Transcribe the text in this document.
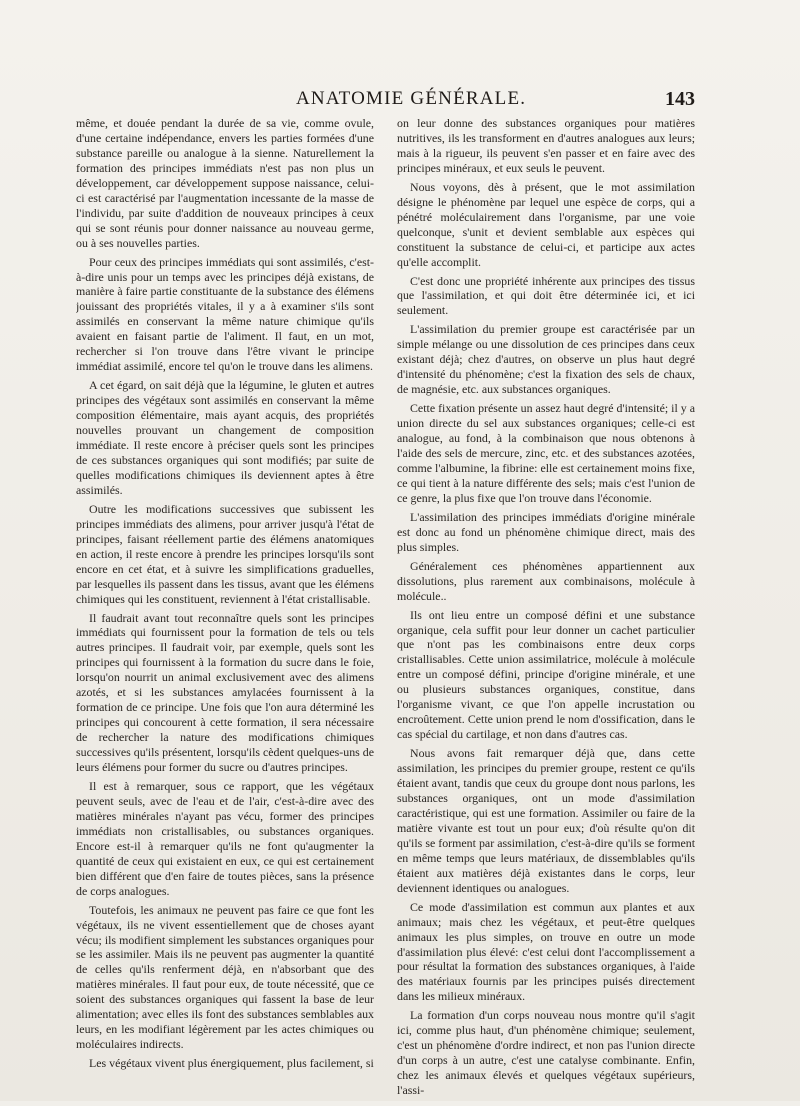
ANATOMIE GÉNÉRALE.	143

même, et douée pendant la durée de sa vie, comme ovule, d'une certaine indépendance, envers les parties formées d'une substance pareille ou analogue à la sienne. Naturellement la formation des principes immédiats n'est pas non plus un développement, car développement suppose naissance, celui-ci est caractérisé par l'augmentation incessante de la masse de l'individu, par suite d'addition de nouveaux principes à ceux qui se sont réunis pour donner naissance au nouveau germe, ou à ses nouvelles parties.

Pour ceux des principes immédiats qui sont assimilés, c'est-à-dire unis pour un temps avec les principes déjà existans, de manière à faire partie constituante de la substance des élémens jouissant des propriétés vitales, il y a à examiner s'ils sont assimilés en conservant la même nature chimique qu'ils avaient en faisant partie de l'aliment. Il faut, en un mot, rechercher si l'on trouve dans l'être vivant le principe immédiat assimilé, encore tel qu'on le trouve dans les alimens.

A cet égard, on sait déjà que la légumine, le gluten et autres principes des végétaux sont assimilés en conservant la même composition élémentaire, mais ayant acquis, des propriétés nouvelles prouvant un changement de composition immédiate. Il reste encore à préciser quels sont les principes de ces substances organiques qui sont modifiés; par suite de quelles modifications chimiques ils deviennent aptes à être assimilés.

Outre les modifications successives que subissent les principes immédiats des alimens, pour arriver jusqu'à l'état de principes, faisant réellement partie des élémens anatomiques en action, il reste encore à prendre les principes lorsqu'ils sont encore en cet état, et à suivre les simplifications graduelles, par lesquelles ils passent dans les tissus, avant que les élémens chimiques qui les constituent, reviennent à l'état cristallisable.

Il faudrait avant tout reconnaître quels sont les principes immédiats qui fournissent pour la formation de tels ou tels autres principes. Il faudrait voir, par exemple, quels sont les principes qui fournissent à la formation du sucre dans le foie, lorsqu'on nourrit un animal exclusivement avec des alimens azotés, et si les substances amylacées fournissent à la formation de ce principe. Une fois que l'on aura déterminé les principes qui concourent à cette formation, il sera nécessaire de rechercher la nature des modifications chimiques successives qu'ils présentent, lorsqu'ils cèdent quelques-uns de leurs élémens pour former du sucre ou d'autres principes.

Il est à remarquer, sous ce rapport, que les végétaux peuvent seuls, avec de l'eau et de l'air, c'est-à-dire avec des matières minérales n'ayant pas vécu, former des principes immédiats non cristallisables, ou substances organiques. Encore est-il à remarquer qu'ils ne font qu'augmenter la quantité de ceux qui existaient en eux, ce qui est certainement bien différent que d'en faire de toutes pièces, sans la présence de corps analogues.

Toutefois, les animaux ne peuvent pas faire ce que font les végétaux, ils ne vivent essentiellement que de choses ayant vécu; ils modifient simplement les substances organiques pour se les assimiler. Mais ils ne peuvent pas augmenter la quantité de celles qu'ils renferment déjà, en n'absorbant que des matières minérales. Il faut pour eux, de toute nécessité, que ce soient des substances organiques qui fassent la base de leur alimentation; avec elles ils font des substances semblables aux leurs, en les modifiant légèrement par les actes chimiques ou moléculaires indirects.

Les végétaux vivent plus énergiquement, plus facilement, si

on leur donne des substances organiques pour matières nutritives, ils les transforment en d'autres analogues aux leurs; mais à la rigueur, ils peuvent s'en passer et en faire avec des principes minéraux, et eux seuls le peuvent.

Nous voyons, dès à présent, que le mot assimilation désigne le phénomène par lequel une espèce de corps, qui a pénétré moléculairement dans l'organisme, par une voie quelconque, s'unit et devient semblable aux espèces qui constituent la substance de celui-ci, et participe aux actes qu'elle accomplit.

C'est donc une propriété inhérente aux principes des tissus que l'assimilation, et qui doit être déterminée ici, et ici seulement.

L'assimilation du premier groupe est caractérisée par un simple mélange ou une dissolution de ces principes dans ceux existant déjà; chez d'autres, on observe un plus haut degré d'intensité du phénomène; c'est la fixation des sels de chaux, de magnésie, etc. aux substances organiques.

Cette fixation présente un assez haut degré d'intensité; il y a union directe du sel aux substances organiques; celle-ci est analogue, au fond, à la combinaison que nous obtenons à l'aide des sels de mercure, zinc, etc. et des substances azotées, comme l'albumine, la fibrine: elle est certainement moins fixe, ce qui tient à la nature différente des sels; mais c'est l'union de ce genre, la plus fixe que l'on trouve dans l'économie.

L'assimilation des principes immédiats d'origine minérale est donc au fond un phénomène chimique direct, mais des plus simples.

Généralement ces phénomènes appartiennent aux dissolutions, plus rarement aux combinaisons, molécule à molécule..

Ils ont lieu entre un composé défini et une substance organique, cela suffit pour leur donner un cachet particulier que n'ont pas les combinaisons entre deux corps cristallisables. Cette union assimilatrice, molécule à molécule entre un composé défini, principe d'origine minérale, et une ou plusieurs substances organiques, constitue, dans l'organisme vivant, ce que l'on appelle incrustation ou encroûtement. Cette union prend le nom d'ossification, dans le cas spécial du cartilage, et non dans d'autres cas.

Nous avons fait remarquer déjà que, dans cette assimilation, les principes du premier groupe, restent ce qu'ils étaient avant, tandis que ceux du groupe dont nous parlons, les substances organiques, ont un mode d'assimilation caractéristique, qui est une formation. Assimiler ou faire de la matière vivante est tout un pour eux; d'où résulte qu'on dit qu'ils se forment par assimilation, c'est-à-dire qu'ils se forment en même temps que leurs matériaux, de dissemblables qu'ils étaient aux matières déjà existantes dans le corps, leur deviennent identiques ou analogues.

Ce mode d'assimilation est commun aux plantes et aux animaux; mais chez les végétaux, et peut-être quelques animaux les plus simples, on trouve en outre un mode d'assimilation plus élevé: c'est celui dont l'accomplissement a pour résultat la formation des substances organiques, à l'aide des matériaux fournis par les principes puisés directement dans les milieux minéraux.

La formation d'un corps nouveau nous montre qu'il s'agit ici, comme plus haut, d'un phénomène chimique; seulement, c'est un phénomène d'ordre indirect, et non pas l'union directe d'un corps à un autre, c'est une catalyse combinante. Enfin, chez les animaux élevés et quelques végétaux supérieurs, l'assi-
